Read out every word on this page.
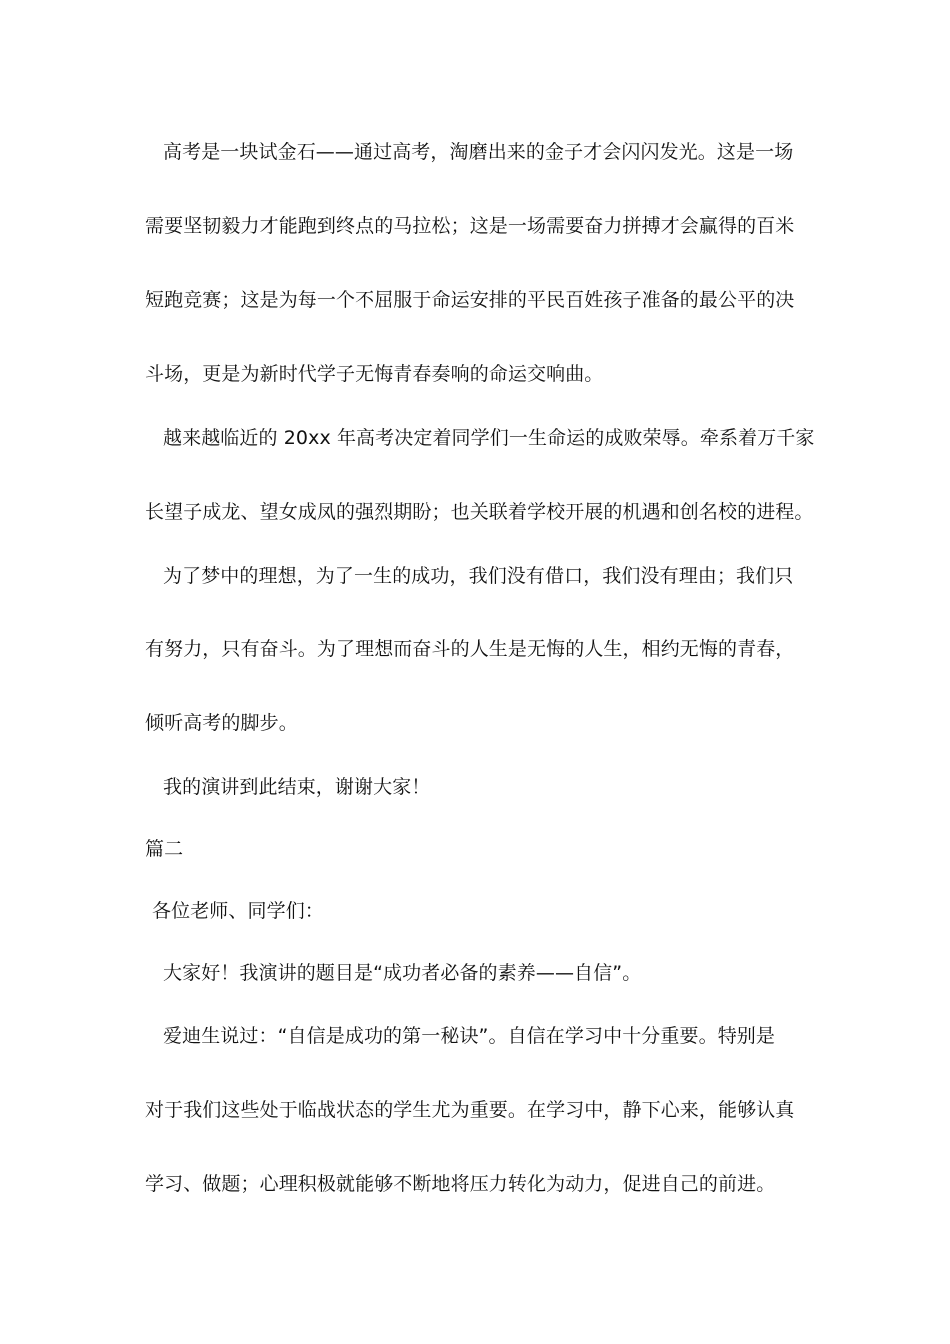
高考是一块试金石——通过高考，淘磨出来的金子才会闪闪发光。这是一场
需要坚韧毅力才能跑到终点的马拉松；这是一场需要奋力拼搏才会赢得的百米
短跑竞赛；这是为每一个不屈服于命运安排的平民百姓孩子准备的最公平的决
斗场，更是为新时代学子无悔青春奏响的命运交响曲。
越来越临近的 20xx 年高考决定着同学们一生命运的成败荣辱。牵系着万千家
长望子成龙、望女成凤的强烈期盼；也关联着学校开展的机遇和创名校的进程。
为了梦中的理想，为了一生的成功，我们没有借口，我们没有理由；我们只
有努力，只有奋斗。为了理想而奋斗的人生是无悔的人生，相约无悔的青春，
倾听高考的脚步。
我的演讲到此结束，谢谢大家！
篇二
各位老师、同学们：
大家好！我演讲的题目是“成功者必备的素养——自信”。
爱迪生说过：“自信是成功的第一秘诀”。自信在学习中十分重要。特别是
对于我们这些处于临战状态的学生尤为重要。在学习中，静下心来，能够认真
学习、做题；心理积极就能够不断地将压力转化为动力，促进自己的前进。
